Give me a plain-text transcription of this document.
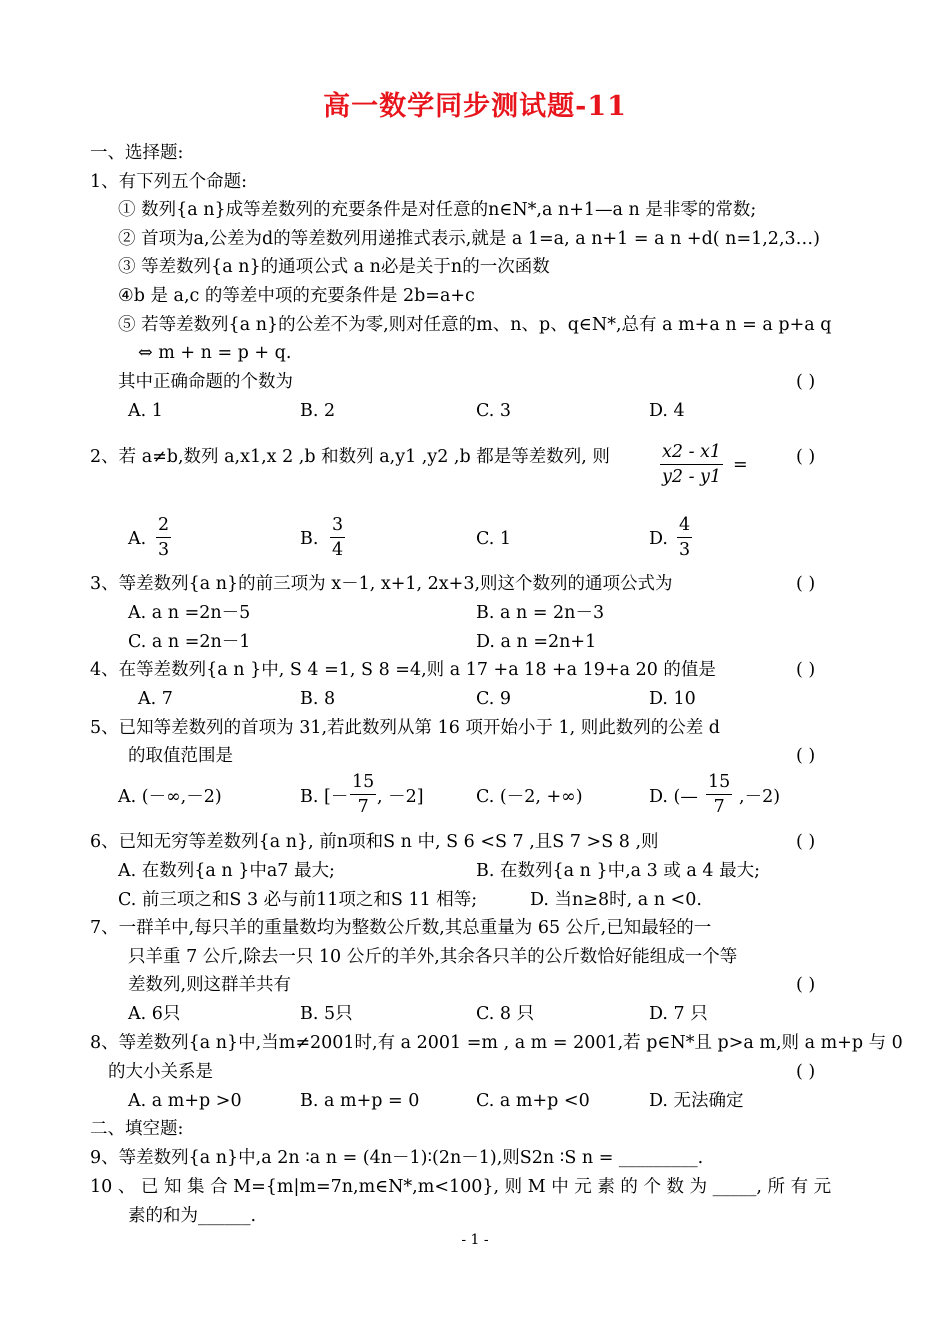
高一数学同步测试题-11
一、选择题:
1、有下列五个命题:
① 数列{a n}成等差数列的充要条件是对任意的n∈N*,a n+1—a n 是非零的常数;
② 首项为a,公差为d的等差数列用递推式表示,就是 a 1=a, a n+1 = a n +d( n=1,2,3…)
③ 等差数列{a n}的通项公式 a n必是关于n的一次函数
④b 是 a,c 的等差中项的充要条件是 2b=a+c
⑤ 若等差数列{a n}的公差不为零,则对任意的m、n、p、q∈N*,总有 a m+a n = a p+a q
⇔ m + n = p + q.
其中正确命题的个数为	( )
A. 1	B. 2	C. 3	D. 4
2、若 a≠b,数列 a,x1,x 2 ,b 和数列 a,y1 ,y2 ,b 都是等差数列, 则	x2 - x1
y2 - y1
=	( )
A.
2
3
B.
3
4
C. 1	D.
4
3
3、等差数列{a n}的前三项为 x－1, x+1, 2x+3,则这个数列的通项公式为	( )
A. a n =2n－5	B. a n = 2n－3
C. a n =2n－1	D. a n =2n+1
4、在等差数列{a n }中, S 4 =1, S 8 =4,则 a 17 +a 18 +a 19+a 20 的值是	( )
A. 7	B. 8	C. 9	D. 10
5、已知等差数列的首项为 31,若此数列从第 16 项开始小于 1, 则此数列的公差 d
的取值范围是	( )
A. (－∞,－2)	B. [－
15
7 , －2]	C. (－2, +∞)	D. (—
15
7 ,－2)
6、已知无穷等差数列{a n}, 前n项和S n 中, S 6 <S 7 ,且S 7 >S 8 ,则	( )
A. 在数列{a n }中a7 最大;	B. 在数列{a n }中,a 3 或 a 4 最大;
C. 前三项之和S 3 必与前11项之和S 11 相等;	D. 当n≥8时, a n <0.
7、一群羊中,每只羊的重量数均为整数公斤数,其总重量为 65 公斤,已知最轻的一
只羊重 7 公斤,除去一只 10 公斤的羊外,其余各只羊的公斤数恰好能组成一个等
差数列,则这群羊共有	( )
A. 6只	B. 5只	C. 8 只	D. 7 只
8、等差数列{a n}中,当m≠2001时,有 a 2001 =m , a m = 2001,若 p∈N*且 p>a m,则 a m+p 与 0
的大小关系是	( )
A. a m+p >0	B. a m+p = 0	C. a m+p <0	D. 无法确定
二、填空题:
9、等差数列{a n}中,a 2n ∶a n = (4n－1)∶(2n－1),则S2n ∶S n = _________.
10 、 已 知 集 合 M={m|m=7n,m∈N*,m<100}, 则 M 中 元 素 的 个 数 为 _____, 所 有 元
素的和为______.
- 1 -
